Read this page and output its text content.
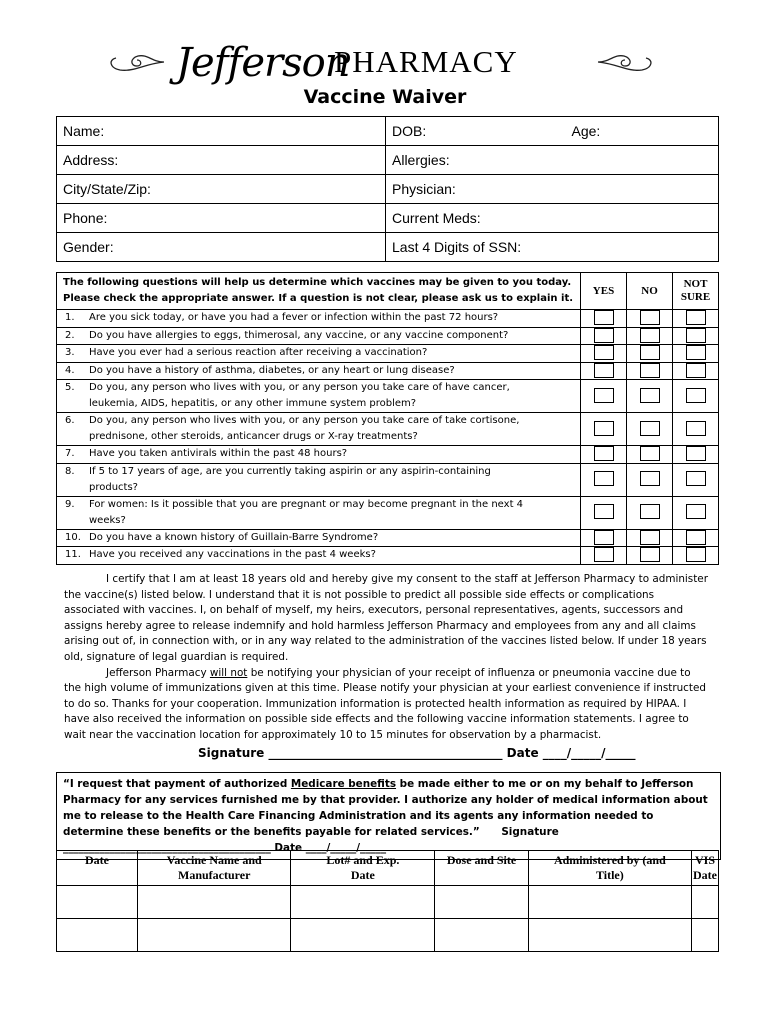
Jefferson
PHARMACY
Vaccine Waiver
Name:	DOB: Age:

Address:	Allergies:
City/State/Zip:	Physician:
Phone:	Current Meds:
Gender:	Last 4 Digits of SSN:
The following questions will help us determine which vaccines may be given to you today. Please check the appropriate answer. If a question is not clear, please ask us to explain it.	YES	NO	NOT SURE
1. Are you sick today, or have you had a fever or infection within the past 72 hours?			
2. Do you have allergies to eggs, thimerosal, any vaccine, or any vaccine component?			
3. Have you ever had a serious reaction after receiving a vaccination?			
4. Do you have a history of asthma, diabetes, or any heart or lung disease?			
5. Do you, any person who lives with you, or any person you take care of have cancer, leukemia, AIDS, hepatitis, or any other immune system problem?			
6. Do you, any person who lives with you, or any person you take care of take cortisone, prednisone, other steroids, anticancer drugs or X-ray treatments?			
7. Have you taken antivirals within the past 48 hours?			
8. If 5 to 17 years of age, are you currently taking aspirin or any aspirin-containing products?			
9. For women: Is it possible that you are pregnant or may become pregnant in the next 4 weeks?			
10. Do you have a known history of Guillain-Barre Syndrome?			
11. Have you received any vaccinations in the past 4 weeks?			

I certify that I am at least 18 years old and hereby give my consent to the staff at Jefferson Pharmacy to administer the vaccine(s) listed below. I understand that it is not possible to predict all possible side effects or complications associated with vaccines. I, on behalf of myself, my heirs, executors, personal representatives, agents, successors and assigns hereby agree to release indemnify and hold harmless Jefferson Pharmacy and employees from any and all claims arising out of, in connection with, or in any way related to the administration of the vaccines listed below. If under 18 years old, signature of legal guardian is required.

Jefferson Pharmacy will not be notifying your physician of your receipt of influenza or pneumonia vaccine due to the high volume of immunizations given at this time. Please notify your physician at your earliest convenience if instructed to do so. Thanks for your cooperation. Immunization information is protected health information as required by HIPAA. I have also received the information on possible side effects and the following vaccine information statements. I agree to wait near the vaccination location for approximately 10 to 15 minutes for observation by a pharmacist.

Signature _______________________________________ Date ____/_____/_____
“I request that payment of authorized Medicare benefits be made either to me or on my behalf to Jefferson Pharmacy for any services furnished me by that provider. I authorize any holder of medical information about me to release to the Health Care Financing Administration and its agents any information needed to determine these benefits or the benefits payable for related services.” Signature ________________________________________ Date ____/_____/_____
Date	Vaccine Name and Manufacturer	Lot# and Exp. Date	Dose and Site	Administered by (and Title)	VIS Date
